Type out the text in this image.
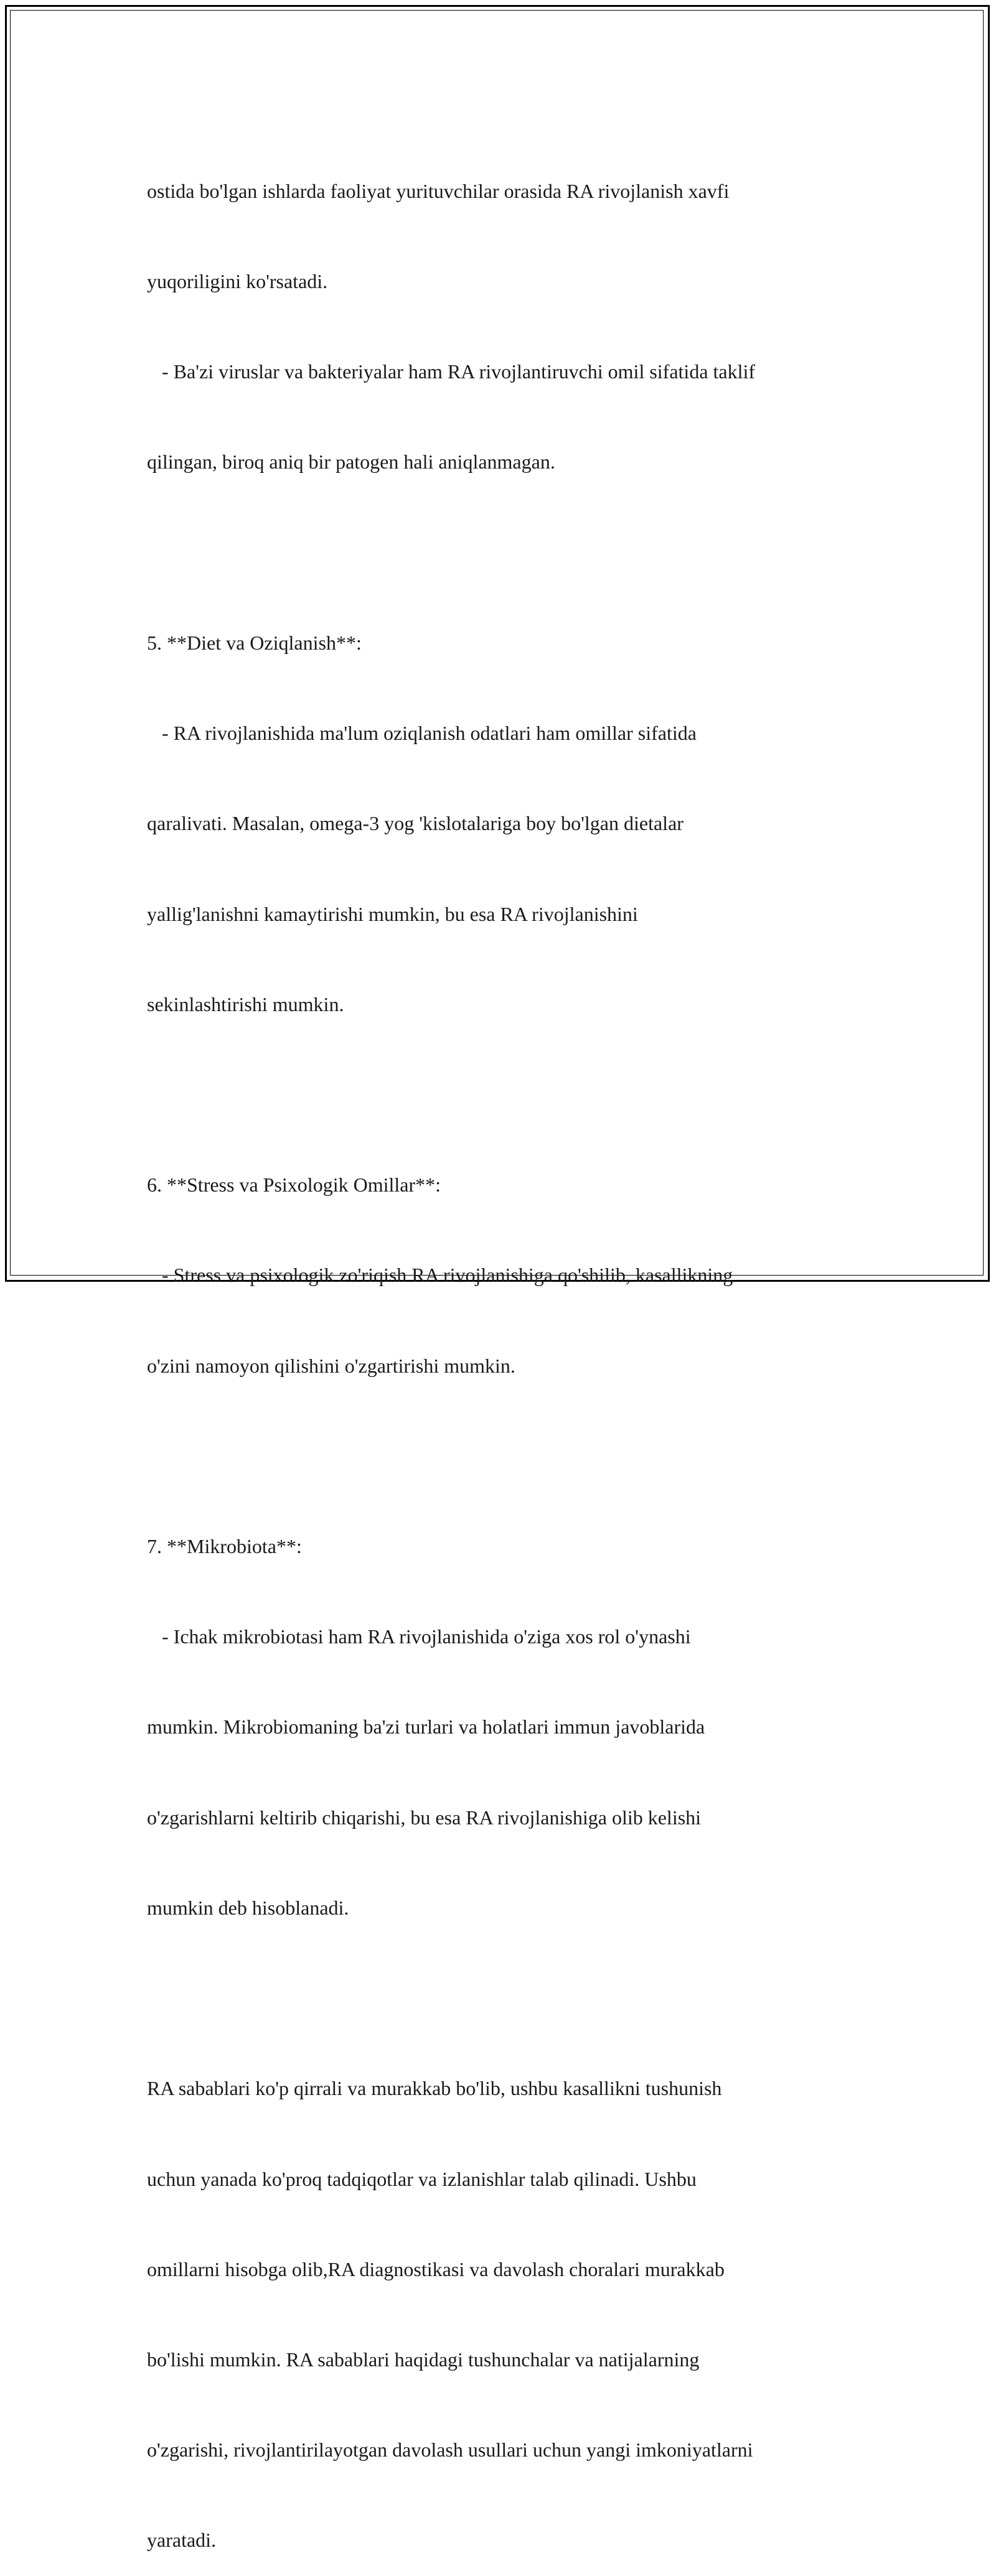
ostida bo'lgan ishlarda faoliyat yurituvchilar orasida RA rivojlanish xavfi

yuqoriligini ko'rsatadi.

- Ba'zi viruslar va bakteriyalar ham RA rivojlantiruvchi omil sifatida taklif

qilingan, biroq aniq bir patogen hali aniqlanmagan.

5. **Diet va Oziqlanish**:

- RA rivojlanishida ma'lum oziqlanish odatlari ham omillar sifatida

qaralivati. Masalan, omega-3 yog 'kislotalariga boy bo'lgan dietalar

yallig'lanishni kamaytirishi mumkin, bu esa RA rivojlanishini

sekinlashtirishi mumkin.

6. **Stress va Psixologik Omillar**:

- Stress va psixologik zo'riqish RA rivojlanishiga qo'shilib, kasallikning

o'zini namoyon qilishini o'zgartirishi mumkin.

7. **Mikrobiota**:

- Ichak mikrobiotasi ham RA rivojlanishida o'ziga xos rol o'ynashi

mumkin. Mikrobiomaning ba'zi turlari va holatlari immun javoblarida

o'zgarishlarni keltirib chiqarishi, bu esa RA rivojlanishiga olib kelishi

mumkin deb hisoblanadi.

RA sabablari ko'p qirrali va murakkab bo'lib, ushbu kasallikni tushunish

uchun yanada ko'proq tadqiqotlar va izlanishlar talab qilinadi. Ushbu

omillarni hisobga olib,RA diagnostikasi va davolash choralari murakkab

bo'lishi mumkin. RA sabablari haqidagi tushunchalar va natijalarning

o'zgarishi, rivojlantirilayotgan davolash usullari uchun yangi imkoniyatlarni

yaratadi.
